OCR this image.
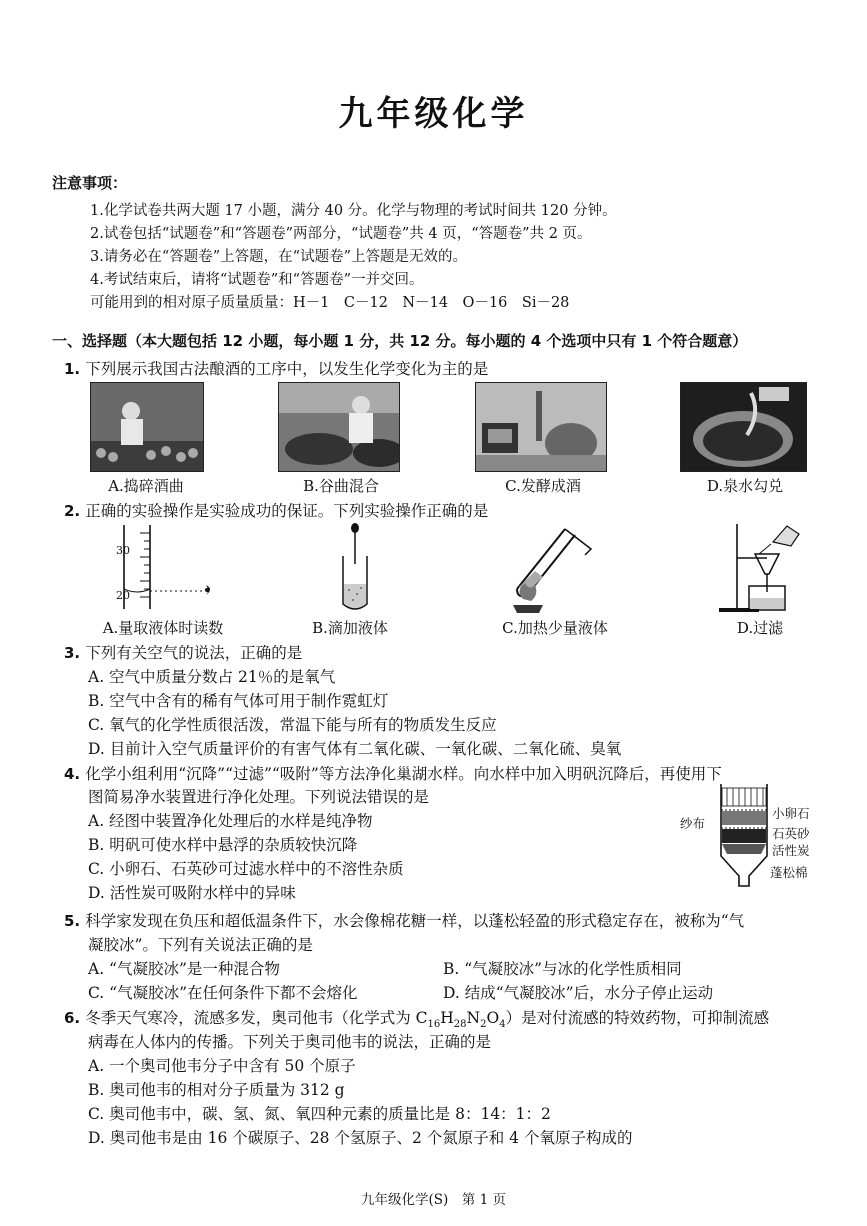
九年级化学
注意事项：
1.化学试卷共两大题 17 小题，满分 40 分。化学与物理的考试时间共 120 分钟。
2.试卷包括“试题卷”和“答题卷”两部分，“试题卷”共 4 页，“答题卷”共 2 页。
3.请务必在“答题卷”上答题，在“试题卷”上答题是无效的。
4.考试结束后，请将“试题卷”和“答题卷”一并交回。
可能用到的相对原子质量质量：H－1　C－12　N－14　O－16　Si－28
一、选择题（本大题包括 12 小题，每小题 1 分，共 12 分。每小题的 4 个选项中只有 1 个符合题意）
1. 下列展示我国古法酿酒的工序中，以发生化学变化为主的是
A.捣碎酒曲	B.谷曲混合	C.发酵成酒	D.泉水勾兑
2. 正确的实验操作是实验成功的保证。下列实验操作正确的是
30
20
A.量取液体时读数	B.滴加液体	C.加热少量液体	D.过滤
3. 下列有关空气的说法，正确的是
A. 空气中质量分数占 21％的是氧气
B. 空气中含有的稀有气体可用于制作霓虹灯
C. 氧气的化学性质很活泼，常温下能与所有的物质发生反应
D. 目前计入空气质量评价的有害气体有二氧化碳、一氧化碳、二氧化硫、臭氧
4. 化学小组利用“沉降”“过滤”“吸附”等方法净化巢湖水样。向水样中加入明矾沉降后，再使用下
图简易净水装置进行净化处理。下列说法错误的是
A. 经图中装置净化处理后的水样是纯净物
B. 明矾可使水样中悬浮的杂质较快沉降
C. 小卵石、石英砂可过滤水样中的不溶性杂质
D. 活性炭可吸附水样中的异味
纱布
小卵石
石英砂
活性炭
蓬松棉
5. 科学家发现在负压和超低温条件下，水会像棉花糖一样，以蓬松轻盈的形式稳定存在，被称为“气
凝胶冰”。下列有关说法正确的是
A. “气凝胶冰”是一种混合物	B. “气凝胶冰”与冰的化学性质相同
C. “气凝胶冰”在任何条件下都不会熔化	D. 结成“气凝胶冰”后，水分子停止运动
6. 冬季天气寒冷，流感多发，奥司他韦（化学式为 $C_{16}H_{28}N_2O_4$）是对付流感的特效药物，可抑制流感
病毒在人体内的传播。下列关于奥司他韦的说法，正确的是
A. 一个奥司他韦分子中含有 50 个原子
B. 奥司他韦的相对分子质量为 312 g
C. 奥司他韦中，碳、氢、氮、氧四种元素的质量比是 8：14：1：2
D. 奥司他韦是由 16 个碳原子、28 个氢原子、2 个氮原子和 4 个氧原子构成的
九年级化学(S)　第 1 页
